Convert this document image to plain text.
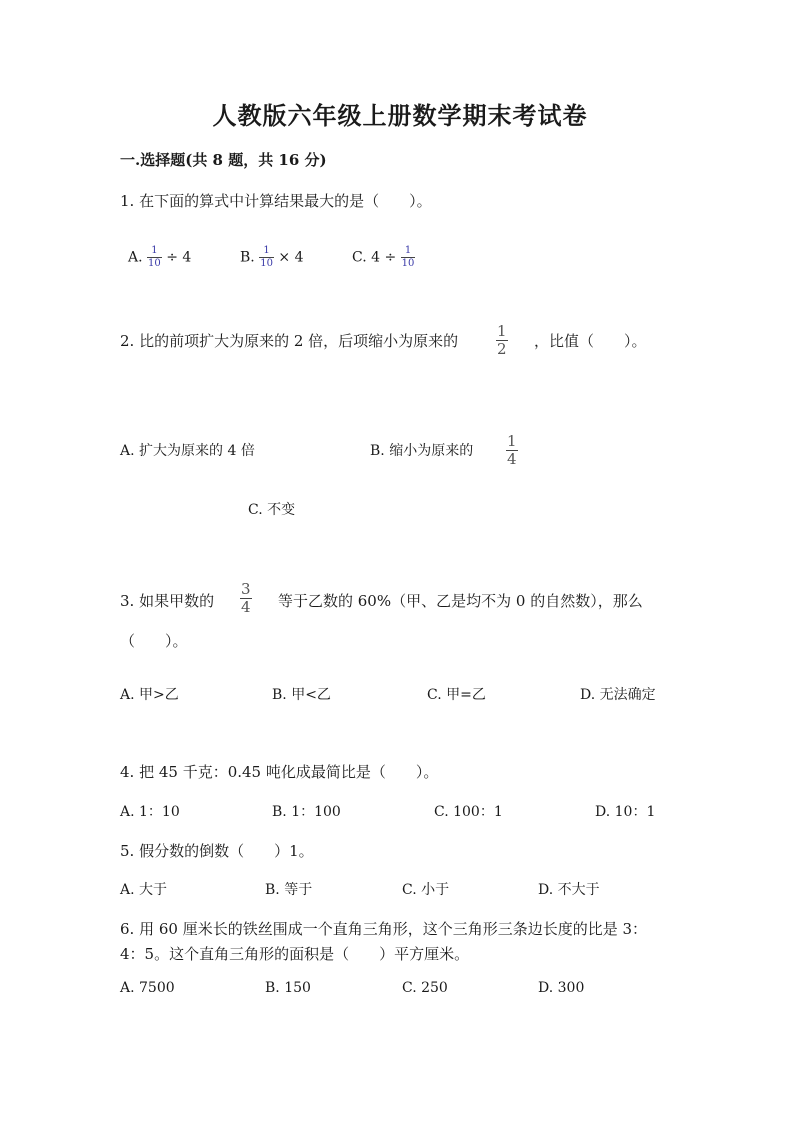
人教版六年级上册数学期末考试卷
一.选择题(共 8 题，共 16 分)
1. 在下面的算式中计算结果最大的是（　　）。
A. $\frac{1}{10} \div 4$	B. $\frac{1}{10} \times 4$	C. $4 \div \frac{1}{10}$
2. 比的前项扩大为原来的 2 倍，后项缩小为原来的	$\frac{1}{2}$ ，比值（　　）。
A. 扩大为原来的 4 倍	B. 缩小为原来的 $\frac{1}{4}$
C. 不变
3. 如果甲数的 $\frac{3}{4}$ 等于乙数的 60%（甲、乙是均不为 0 的自然数），那么
（　　）。
A. 甲>乙	B. 甲<乙	C. 甲=乙	D. 无法确定
4. 把 45 千克：0.45 吨化成最简比是（　　）。
A. 1：10	B. 1：100	C. 100：1	D. 10：1
5. 假分数的倒数（　　）1。
A. 大于	B. 等于	C. 小于	D. 不大于
6. 用 60 厘米长的铁丝围成一个直角三角形，这个三角形三条边长度的比是 3：
4：5。这个直角三角形的面积是（　　）平方厘米。
A. 7500	B. 150	C. 250	D. 300
